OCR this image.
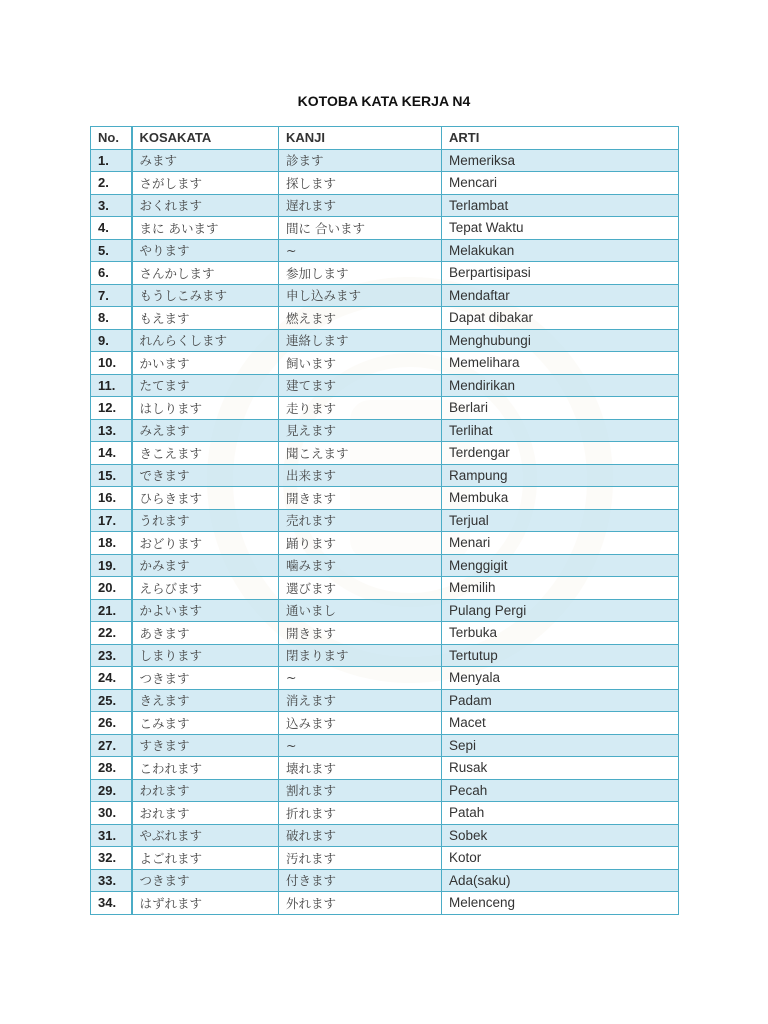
KOTOBA KATA KERJA N4
No.	KOSAKATA	KANJI	ARTI
1.	みます	診ます	Memeriksa
2.	さがします	探します	Mencari
3.	おくれます	遅れます	Terlambat
4.	まに あいます	間に 合います	Tepat Waktu
5.	やります	~	Melakukan
6.	さんかします	参加します	Berpartisipasi
7.	もうしこみます	申し込みます	Mendaftar
8.	もえます	燃えます	Dapat dibakar
9.	れんらくします	連絡します	Menghubungi
10.	かいます	飼います	Memelihara
11.	たてます	建てます	Mendirikan
12.	はしります	走ります	Berlari
13.	みえます	見えます	Terlihat
14.	きこえます	聞こえます	Terdengar
15.	できます	出来ます	Rampung
16.	ひらきます	開きます	Membuka
17.	うれます	売れます	Terjual
18.	おどります	踊ります	Menari
19.	かみます	噛みます	Menggigit
20.	えらびます	選びます	Memilih
21.	かよいます	通いまし	Pulang Pergi
22.	あきます	開きます	Terbuka
23.	しまります	閉まります	Tertutup
24.	つきます	~	Menyala
25.	きえます	消えます	Padam
26.	こみます	込みます	Macet
27.	すきます	~	Sepi
28.	こわれます	壊れます	Rusak
29.	われます	割れます	Pecah
30.	おれます	折れます	Patah
31.	やぶれます	破れます	Sobek
32.	よごれます	汚れます	Kotor
33.	つきます	付きます	Ada(saku)
34.	はずれます	外れます	Melenceng
